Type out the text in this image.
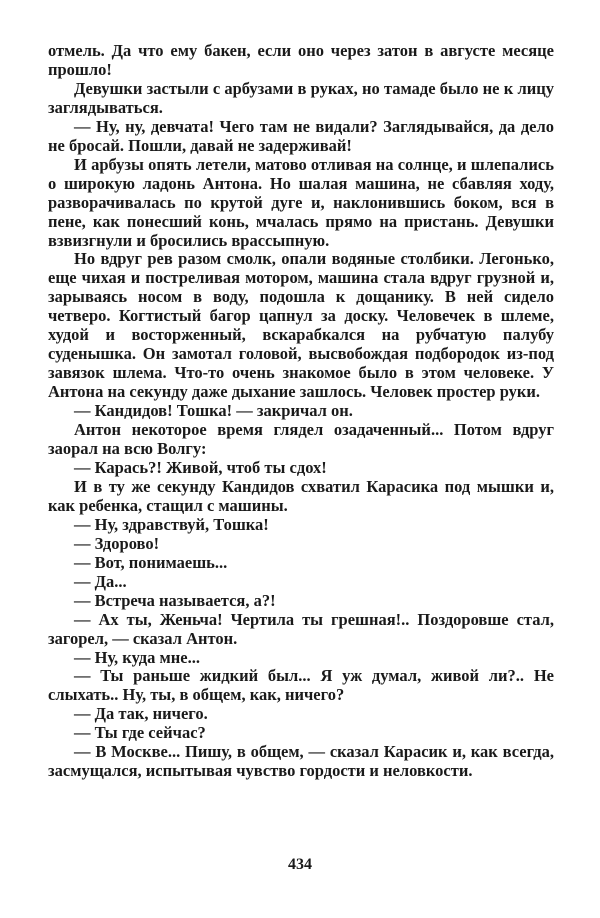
отмель. Да что ему бакен, если оно через затон в августе месяце прошло!

Девушки застыли с арбузами в руках, но тамаде было не к лицу заглядываться.

— Ну, ну, девчата! Чего там не видали? Заглядывайся, да дело не бросай. Пошли, давай не задерживай!

И арбузы опять летели, матово отливая на солнце, и шлепались о широкую ладонь Антона. Но шалая машина, не сбавляя ходу, разворачивалась по крутой дуге и, наклонившись боком, вся в пене, как понесший конь, мчалась прямо на пристань. Девушки взвизгнули и бросились врассыпную.

Но вдруг рев разом смолк, опали водяные столбики. Легонько, еще чихая и постреливая мотором, машина стала вдруг грузной и, зарываясь носом в воду, подошла к дощанику. В ней сидело четверо. Когтистый багор цапнул за доску. Человечек в шлеме, худой и восторженный, вскарабкался на рубчатую палубу суденышка. Он замотал головой, высвобождая подбородок из-под завязок шлема. Что-то очень знакомое было в этом человеке. У Антона на секунду даже дыхание зашлось. Человек простер руки.

— Кандидов! Тошка! — закричал он.

Антон некоторое время глядел озадаченный... Потом вдруг заорал на всю Волгу:

— Карась?! Живой, чтоб ты сдох!

И в ту же секунду Кандидов схватил Карасика под мышки и, как ребенка, стащил с машины.

— Ну, здравствуй, Тошка!

— Здорово!

— Вот, понимаешь...

— Да...

— Встреча называется, а?!

— Ах ты, Женьча! Чертила ты грешная!.. Поздоровше стал, загорел, — сказал Антон.

— Ну, куда мне...

— Ты раньше жидкий был... Я уж думал, живой ли?.. Не слыхать.. Ну, ты, в общем, как, ничего?

— Да так, ничего.

— Ты где сейчас?

— В Москве... Пишу, в общем, — сказал Карасик и, как всегда, засмущался, испытывая чувство гордости и неловкости.

434
